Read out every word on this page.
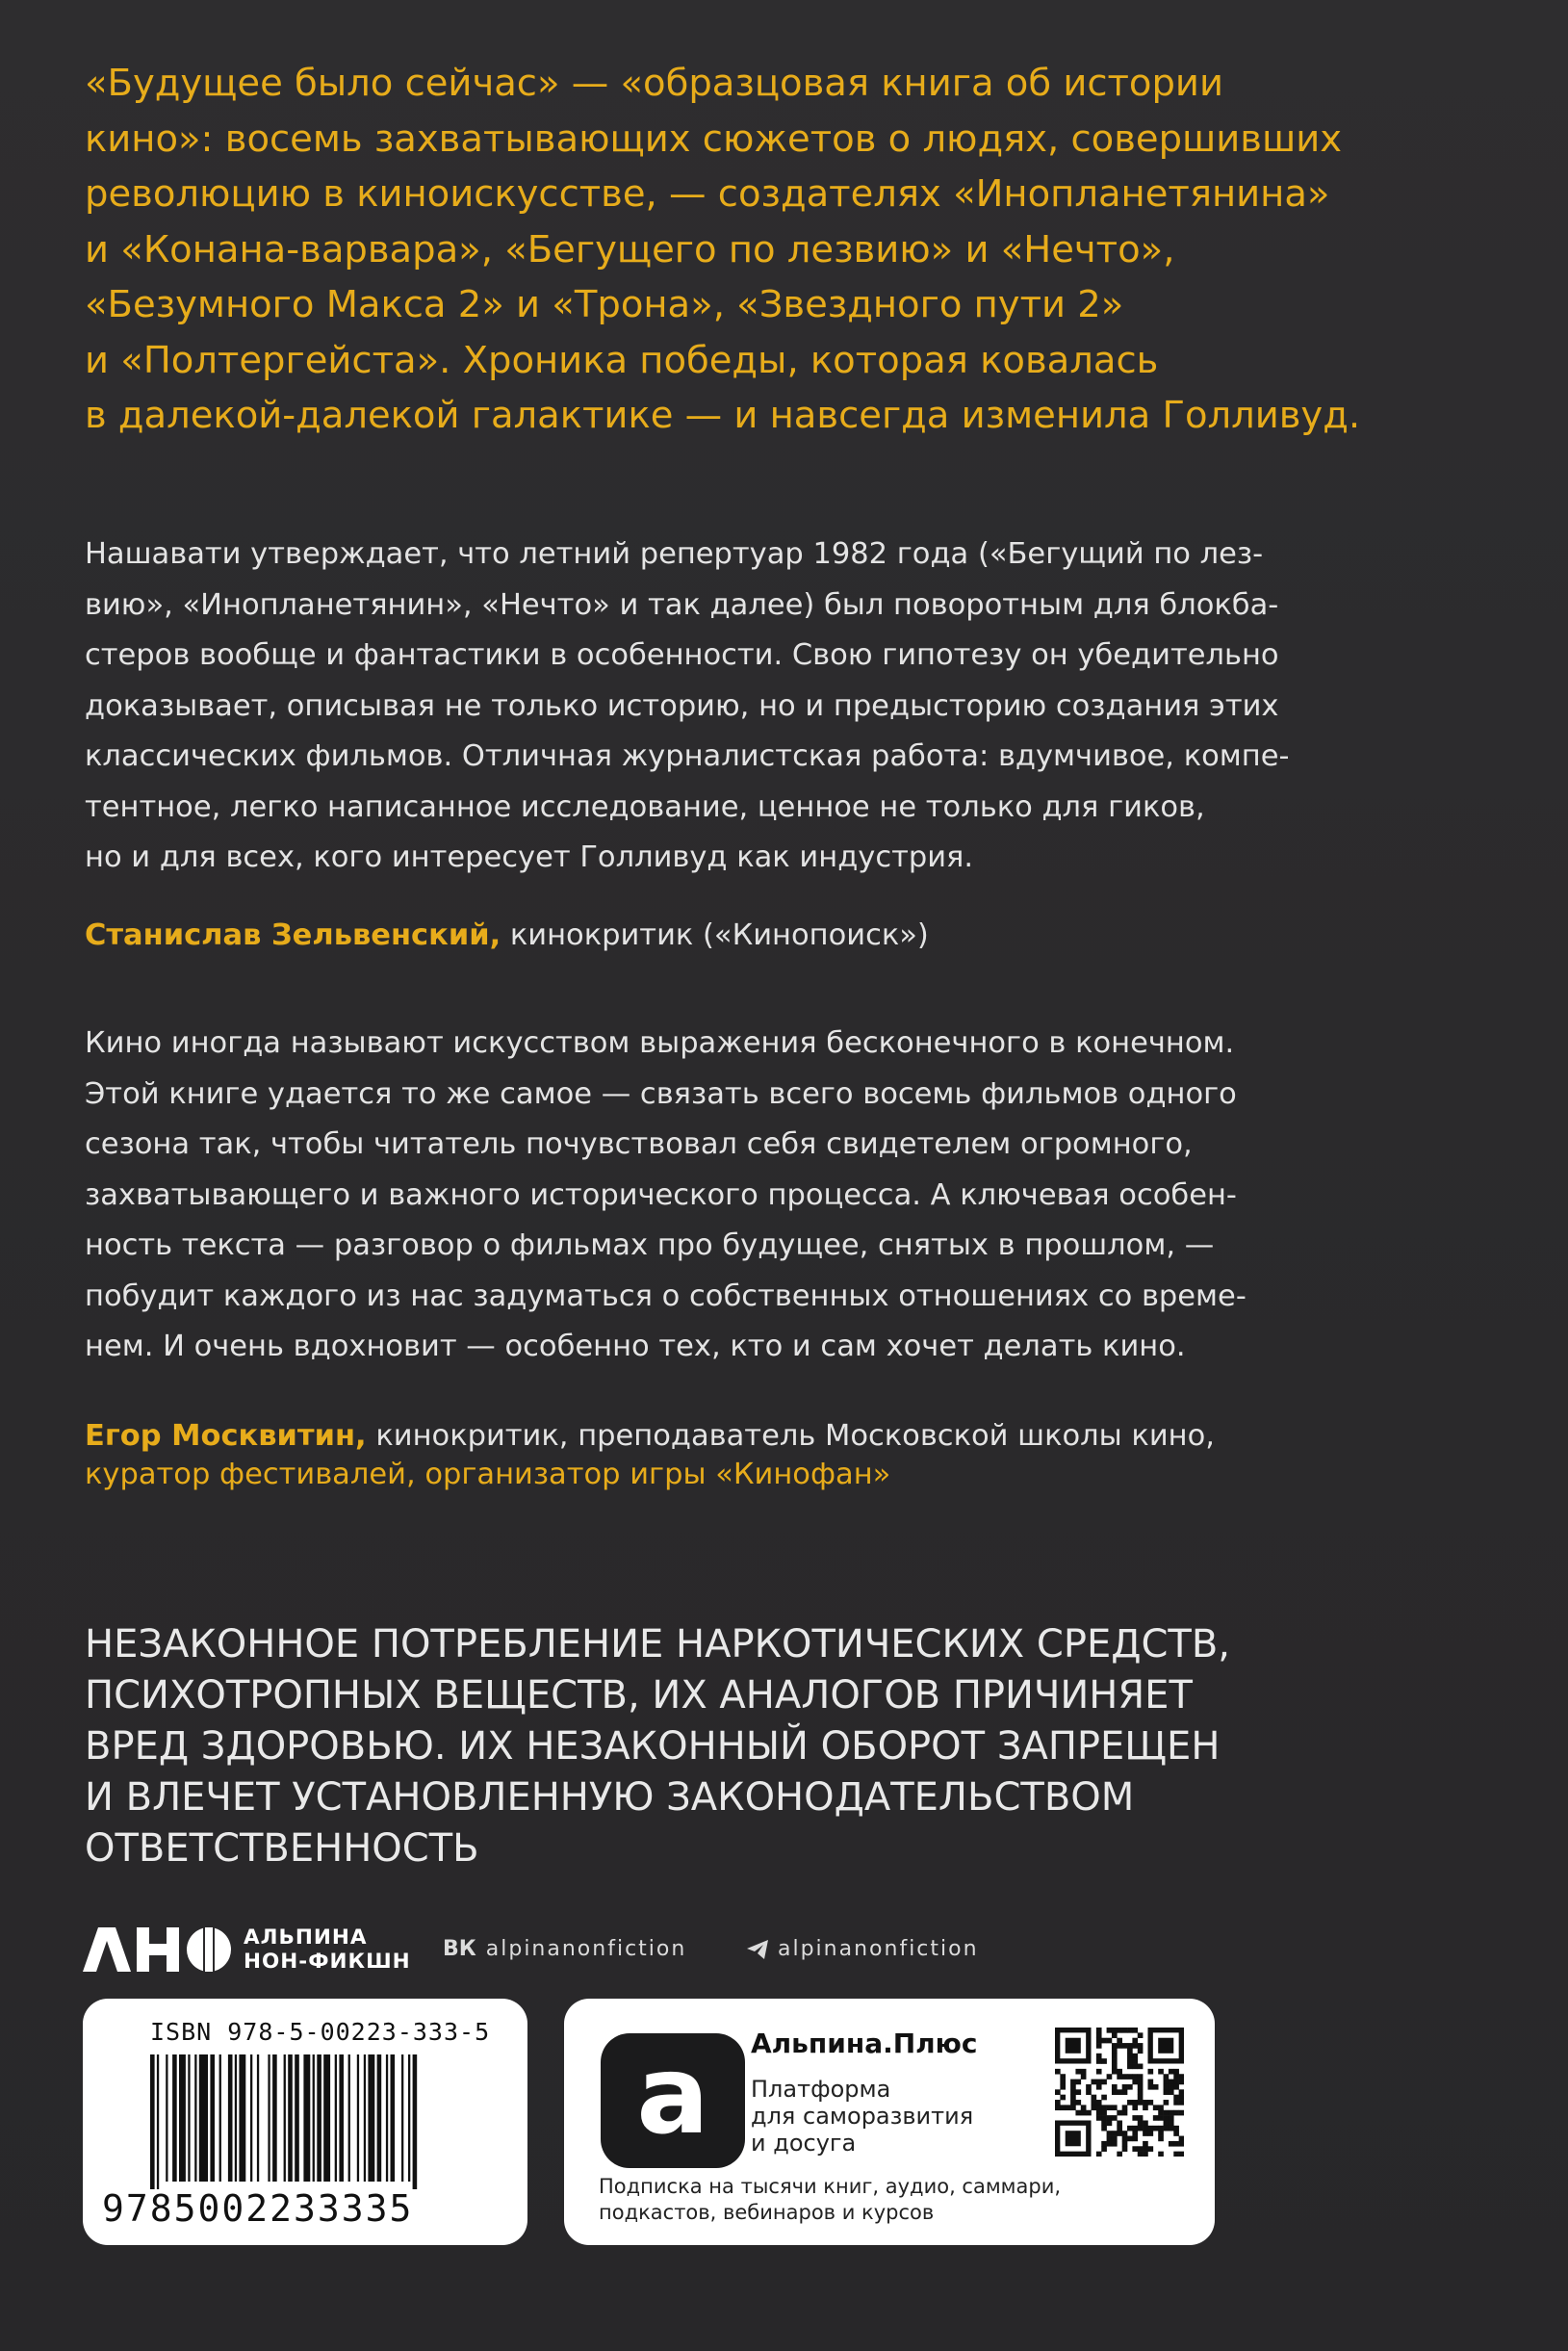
«Будущее было сейчас» — «образцовая книга об истории
кино»: восемь захватывающих сюжетов о людях, совершивших
революцию в киноискусстве, — создателях «Инопланетянина»
и «Конана-варвара», «Бегущего по лезвию» и «Нечто»,
«Безумного Макса 2» и «Трона», «Звездного пути 2»
и «Полтергейста». Хроника победы, которая ковалась
в далекой-далекой галактике — и навсегда изменила Голливуд.
Нашавати утверждает, что летний репертуар 1982 года («Бегущий по лез-
вию», «Инопланетянин», «Нечто» и так далее) был поворотным для блокба-
стеров вообще и фантастики в особенности. Свою гипотезу он убедительно
доказывает, описывая не только историю, но и предысторию создания этих
классических фильмов. Отличная журналистская работа: вдумчивое, компе-
тентное, легко написанное исследование, ценное не только для гиков,
но и для всех, кого интересует Голливуд как индустрия.
Станислав Зельвенский, кинокритик («Кинопоиск»)
Кино иногда называют искусством выражения бесконечного в конечном.
Этой книге удается то же самое — связать всего восемь фильмов одного
сезона так, чтобы читатель почувствовал себя свидетелем огромного,
захватывающего и важного исторического процесса. А ключевая особен-
ность текста — разговор о фильмах про будущее, снятых в прошлом, —
побудит каждого из нас задуматься о собственных отношениях со време-
нем. И очень вдохновит — особенно тех, кто и сам хочет делать кино.
Егор Москвитин, кинокритик, преподаватель Московской школы кино,
куратор фестивалей, организатор игры «Кинофан»
НЕЗАКОННОЕ ПОТРЕБЛЕНИЕ НАРКОТИЧЕСКИХ СРЕДСТВ,
ПСИХОТРОПНЫХ ВЕЩЕСТВ, ИХ АНАЛОГОВ ПРИЧИНЯЕТ
ВРЕД ЗДОРОВЬЮ. ИХ НЕЗАКОННЫЙ ОБОРОТ ЗАПРЕЩЕН
И ВЛЕЧЕТ УСТАНОВЛЕННУЮ ЗАКОНОДАТЕЛЬСТВОМ
ОТВЕТСТВЕННОСТЬ
АЛЬПИНА
НОН-ФИКШН
ВК alpinanonfiction	alpinanonfiction
ISBN 978-5-00223-333-5
9785002233335
a	Альпина.Плюс
Платформа
для саморазвития
и досуга
Подписка на тысячи книг, аудио, саммари,
подкастов, вебинаров и курсов
